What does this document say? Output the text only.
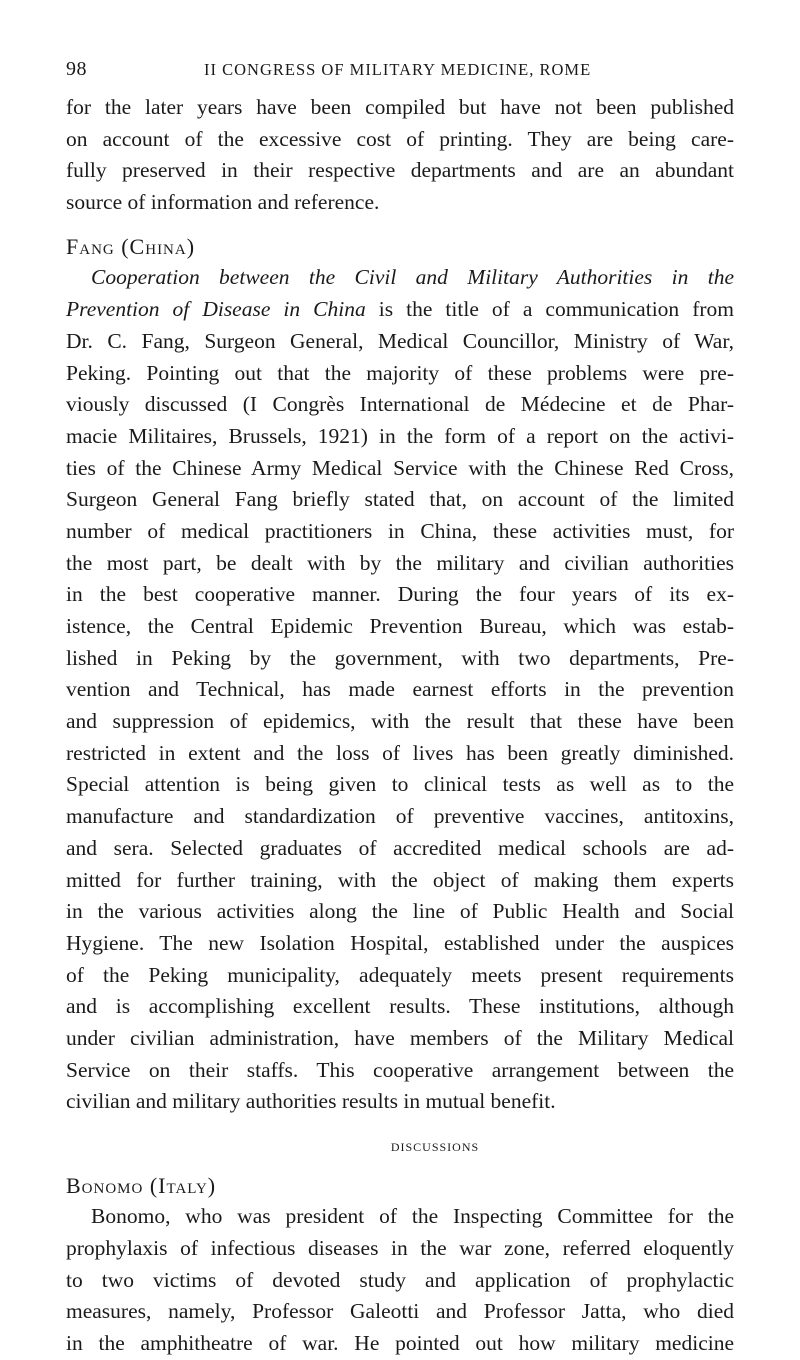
98	II CONGRESS OF MILITARY MEDICINE, ROME
for the later years have been compiled but have not been published
on account of the excessive cost of printing. They are being care-
fully preserved in their respective departments and are an abundant
source of information and reference.
Fang (China)
Cooperation between the Civil and Military Authorities in the
Prevention of Disease in China is the title of a communication from
Dr. C. Fang, Surgeon General, Medical Councillor, Ministry of War,
Peking. Pointing out that the majority of these problems were pre-
viously discussed (I Congrès International de Médecine et de Phar-
macie Militaires, Brussels, 1921) in the form of a report on the activi-
ties of the Chinese Army Medical Service with the Chinese Red Cross,
Surgeon General Fang briefly stated that, on account of the limited
number of medical practitioners in China, these activities must, for
the most part, be dealt with by the military and civilian authorities
in the best cooperative manner. During the four years of its ex-
istence, the Central Epidemic Prevention Bureau, which was estab-
lished in Peking by the government, with two departments, Pre-
vention and Technical, has made earnest efforts in the prevention
and suppression of epidemics, with the result that these have been
restricted in extent and the loss of lives has been greatly diminished.
Special attention is being given to clinical tests as well as to the
manufacture and standardization of preventive vaccines, antitoxins,
and sera. Selected graduates of accredited medical schools are ad-
mitted for further training, with the object of making them experts
in the various activities along the line of Public Health and Social
Hygiene. The new Isolation Hospital, established under the auspices
of the Peking municipality, adequately meets present requirements
and is accomplishing excellent results. These institutions, although
under civilian administration, have members of the Military Medical
Service on their staffs. This cooperative arrangement between the
civilian and military authorities results in mutual benefit.
discussions
Bonomo (Italy)
Bonomo, who was president of the Inspecting Committee for the
prophylaxis of infectious diseases in the war zone, referred eloquently
to two victims of devoted study and application of prophylactic
measures, namely, Professor Galeotti and Professor Jatta, who died
in the amphitheatre of war. He pointed out how military medicine
